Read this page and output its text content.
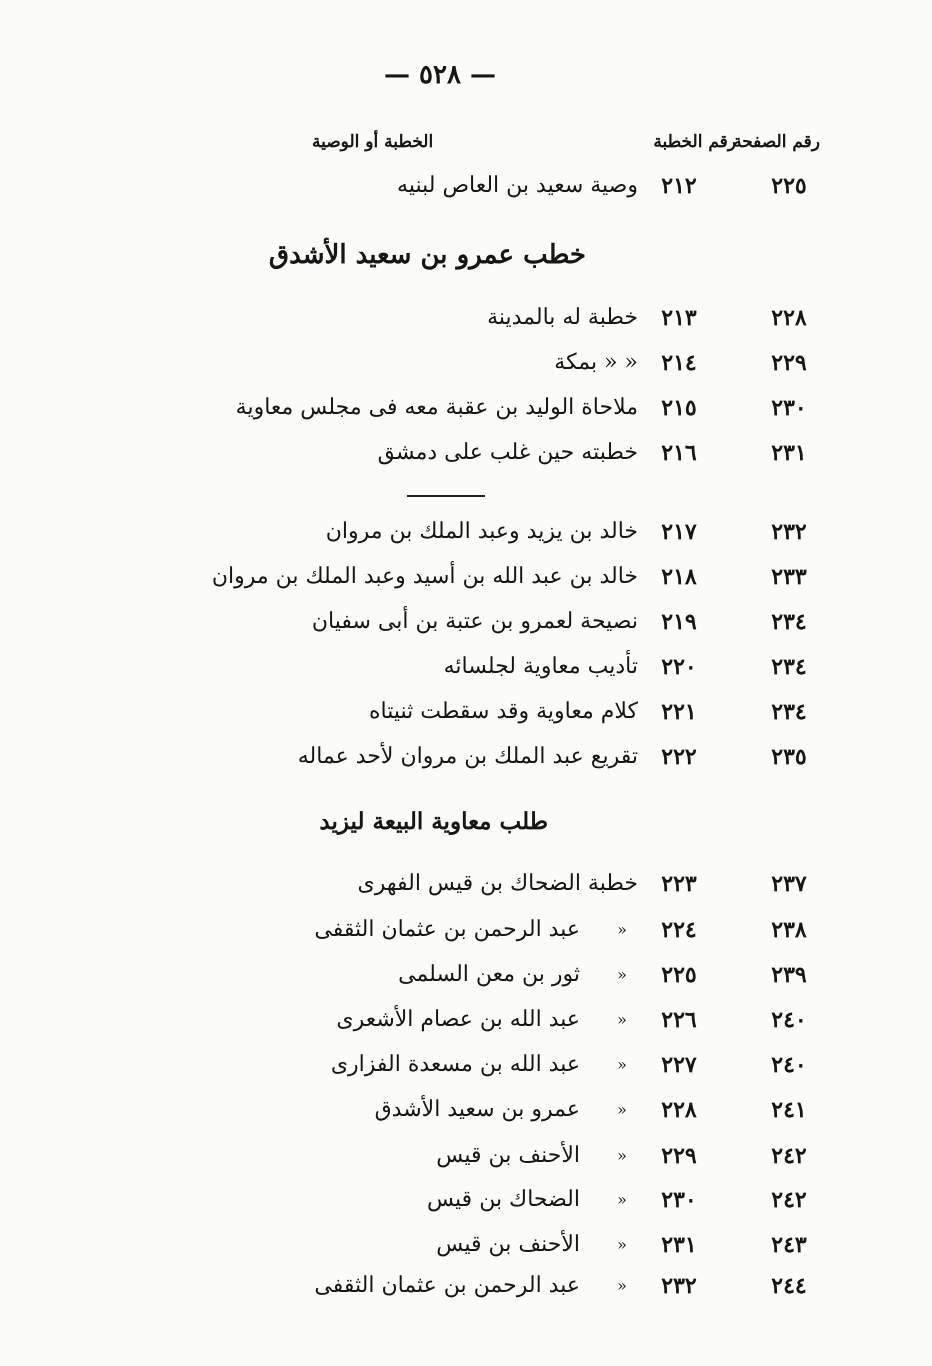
— ٥٢٨ —
رقم الصفحة
رقم الخطبة
الخطبة أو الوصية
٢٢٥
٢١٢
وصية سعيد بن العاص لبنيه
خطب عمرو بن سعيد الأشدق
٢٢٨
٢١٣
خطبة له بالمدينة
٢٢٩
٢١٤
« « بمكة
٢٣٠
٢١٥
ملاحاة الوليد بن عقبة معه فى مجلس معاوية
٢٣١
٢١٦
خطبته حين غلب على دمشق
٢٣٢
٢١٧
خالد بن يزيد وعبد الملك بن مروان
٢٣٣
٢١٨
خالد بن عبد الله بن أسيد وعبد الملك بن مروان
٢٣٤
٢١٩
نصيحة لعمرو بن عتبة بن أبى سفيان
٢٣٤
٢٢٠
تأديب معاوية لجلسائه
٢٣٤
٢٢١
كلام معاوية وقد سقطت ثنيتاه
٢٣٥
٢٢٢
تقريع عبد الملك بن مروان لأحد عماله
طلب معاوية البيعة ليزيد
٢٣٧
٢٢٣
خطبة الضحاك بن قيس الفهرى
٢٣٨
٢٢٤
»
عبد الرحمن بن عثمان الثقفى
٢٣٩
٢٢٥
»
ثور بن معن السلمى
٢٤٠
٢٢٦
»
عبد الله بن عصام الأشعرى
٢٤٠
٢٢٧
»
عبد الله بن مسعدة الفزارى
٢٤١
٢٢٨
»
عمرو بن سعيد الأشدق
٢٤٢
٢٢٩
»
الأحنف بن قيس
٢٤٢
٢٣٠
»
الضحاك بن قيس
٢٤٣
٢٣١
»
الأحنف بن قيس
٢٤٤
٢٣٢
»
عبد الرحمن بن عثمان الثقفى
